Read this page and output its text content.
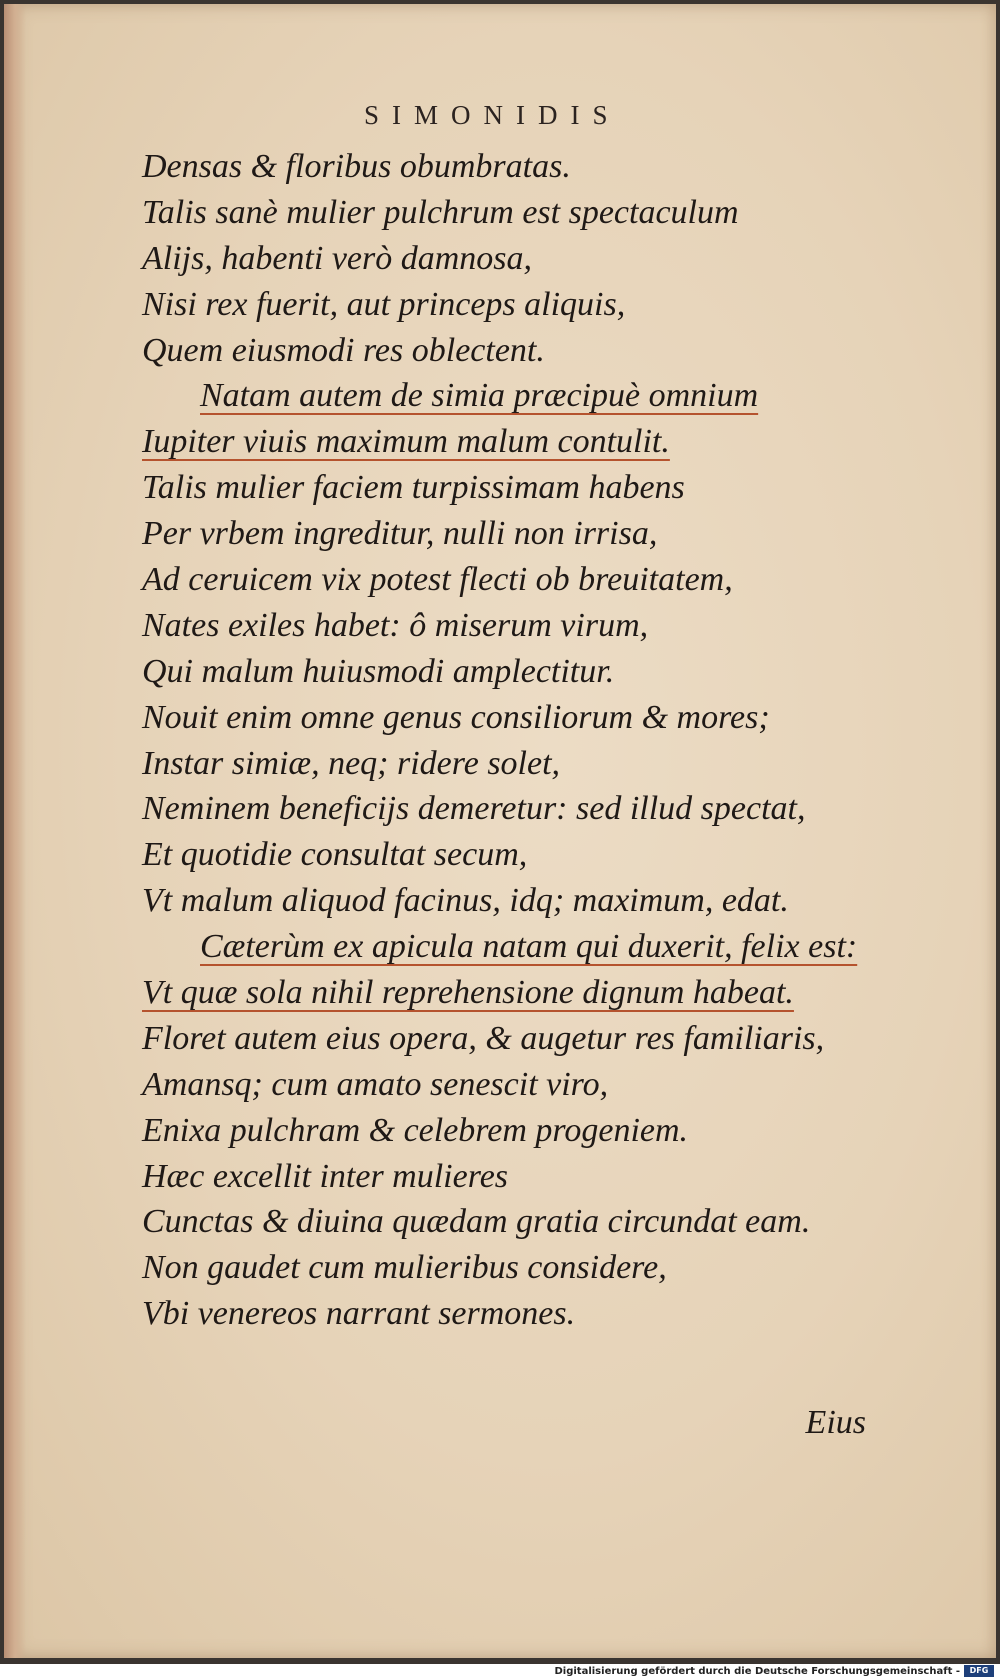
SIMONIDIS
Densas & floribus obumbratas.
Talis sanè mulier pulchrum est spectaculum
Alijs, habenti verò damnosa,
Nisi rex fuerit, aut princeps aliquis,
Quem eiusmodi res oblectent.
Natam autem de simia præcipuè omnium
Iupiter viuis maximum malum contulit.
Talis mulier faciem turpissimam habens
Per vrbem ingreditur, nulli non irrisa,
Ad ceruicem vix potest flecti ob breuitatem,
Nates exiles habet: ô miserum virum,
Qui malum huiusmodi amplectitur.
Nouit enim omne genus consiliorum & mores;
Instar simiæ, neq; ridere solet,
Neminem beneficijs demeretur: sed illud spectat,
Et quotidie consultat secum,
Vt malum aliquod facinus, idq; maximum, edat.
Cæterùm ex apicula natam qui duxerit, felix est:
Vt quæ sola nihil reprehensione dignum habeat.
Floret autem eius opera, & augetur res familiaris,
Amansq; cum amato senescit viro,
Enixa pulchram & celebrem progeniem.
Hæc excellit inter mulieres
Cunctas & diuina quædam gratia circundat eam.
Non gaudet cum mulieribus considere,
Vbi venereos narrant sermones.
Eius
Digitalisierung gefördert durch die Deutsche Forschungsgemeinschaft -	DFG
